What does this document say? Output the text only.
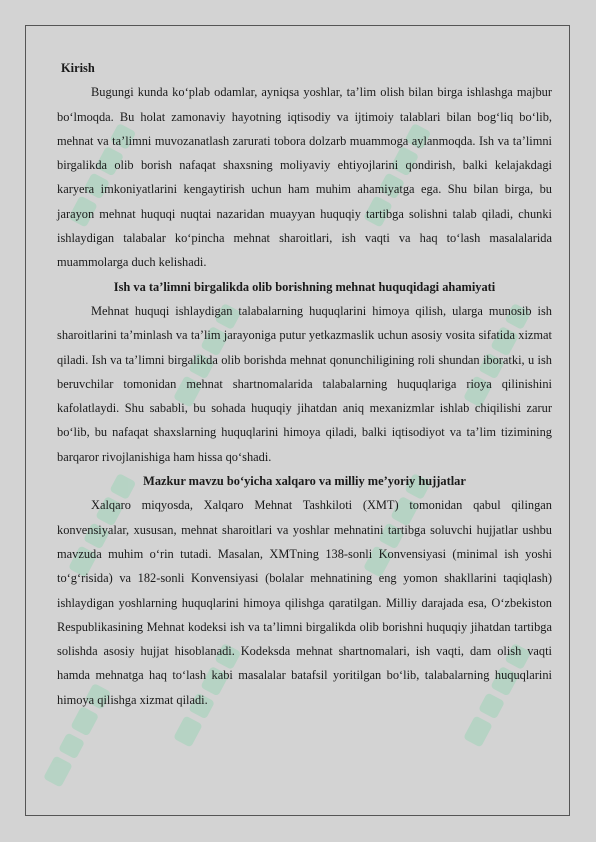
Kirish

Bugungi kunda ko‘plab odamlar, ayniqsa yoshlar, ta’lim olish bilan birga ishlashga majbur bo‘lmoqda. Bu holat zamonaviy hayotning iqtisodiy va ijtimoiy talablari bilan bog‘liq bo‘lib, mehnat va ta’limni muvozanatlash zarurati tobora dolzarb muammoga aylanmoqda. Ish va ta’limni birgalikda olib borish nafaqat shaxsning moliyaviy ehtiyojlarini qondirish, balki kelajakdagi karyera imkoniyatlarini kengaytirish uchun ham muhim ahamiyatga ega. Shu bilan birga, bu jarayon mehnat huquqi nuqtai nazaridan muayyan huquqiy tartibga solishni talab qiladi, chunki ishlaydigan talabalar ko‘pincha mehnat sharoitlari, ish vaqti va haq to‘lash masalalarida muammolarga duch kelishadi.

Ish va ta’limni birgalikda olib borishning mehnat huquqidagi ahamiyati

Mehnat huquqi ishlaydigan talabalarning huquqlarini himoya qilish, ularga munosib ish sharoitlarini ta’minlash va ta’lim jarayoniga putur yetkazmaslik uchun asosiy vosita sifatida xizmat qiladi. Ish va ta’limni birgalikda olib borishda mehnat qonunchiligining roli shundan iboratki, u ish beruvchilar tomonidan mehnat shartnomalarida talabalarning huquqlariga rioya qilinishini kafolatlaydi. Shu sababli, bu sohada huquqiy jihatdan aniq mexanizmlar ishlab chiqilishi zarur bo‘lib, bu nafaqat shaxslarning huquqlarini himoya qiladi, balki iqtisodiyot va ta’lim tizimining barqaror rivojlanishiga ham hissa qo‘shadi.

Mazkur mavzu bo‘yicha xalqaro va milliy me’yoriy hujjatlar

Xalqaro miqyosda, Xalqaro Mehnat Tashkiloti (XMT) tomonidan qabul qilingan konvensiyalar, xususan, mehnat sharoitlari va yoshlar mehnatini tartibga soluvchi hujjatlar ushbu mavzuda muhim o‘rin tutadi. Masalan, XMTning 138-sonli Konvensiyasi (minimal ish yoshi to‘g‘risida) va 182-sonli Konvensiyasi (bolalar mehnatining eng yomon shakllarini taqiqlash) ishlaydigan yoshlarning huquqlarini himoya qilishga qaratilgan. Milliy darajada esa, O‘zbekiston Respublikasining Mehnat kodeksi ish va ta’limni birgalikda olib borishni huquqiy jihatdan tartibga solishda asosiy hujjat hisoblanadi. Kodeksda mehnat shartnomalari, ish vaqti, dam olish vaqti hamda mehnatga haq to‘lash kabi masalalar batafsil yoritilgan bo‘lib, talabalarning huquqlarini himoya qilishga xizmat qiladi.
